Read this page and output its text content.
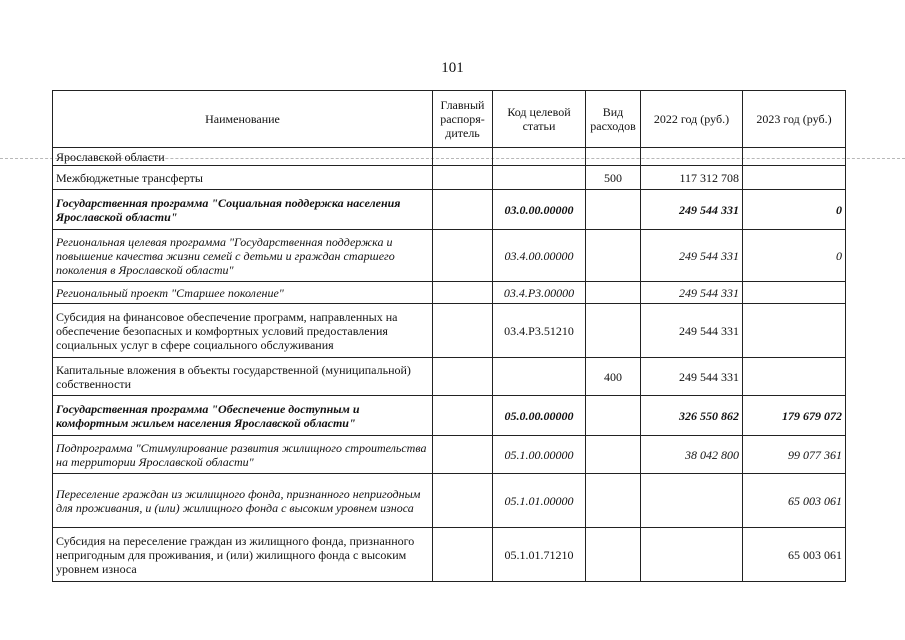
101
Наименование	Главный распоря-дитель	Код целевой статьи	Вид расходов	2022 год (руб.)	2023 год (руб.)
Ярославской области					
Межбюджетные трансферты			500	117 312 708	
Государственная программа "Социальная поддержка населения Ярославской области"		03.0.00.00000		249 544 331	0
Региональная целевая программа "Государственная поддержка и повышение качества жизни семей с детьми и граждан старшего поколения в Ярославской области"		03.4.00.00000		249 544 331	0
Региональный проект "Старшее поколение"		03.4.P3.00000		249 544 331	
Субсидия на финансовое обеспечение программ, направленных на обеспечение безопасных и комфортных условий предоставления социальных услуг в сфере социального обслуживания		03.4.P3.51210		249 544 331	
Капитальные вложения в объекты государственной (муниципальной) собственности			400	249 544 331	
Государственная программа "Обеспечение доступным и комфортным жильем населения Ярославской области"		05.0.00.00000		326 550 862	179 679 072
Подпрограмма "Стимулирование развития жилищного строительства на территории Ярославской области"		05.1.00.00000		38 042 800	99 077 361
Переселение граждан из жилищного фонда, признанного непригодным для проживания, и (или) жилищного фонда с высоким уровнем износа		05.1.01.00000			65 003 061
Субсидия на переселение граждан из жилищного фонда, признанного непригодным для проживания, и (или) жилищного фонда с высоким уровнем износа		05.1.01.71210			65 003 061
